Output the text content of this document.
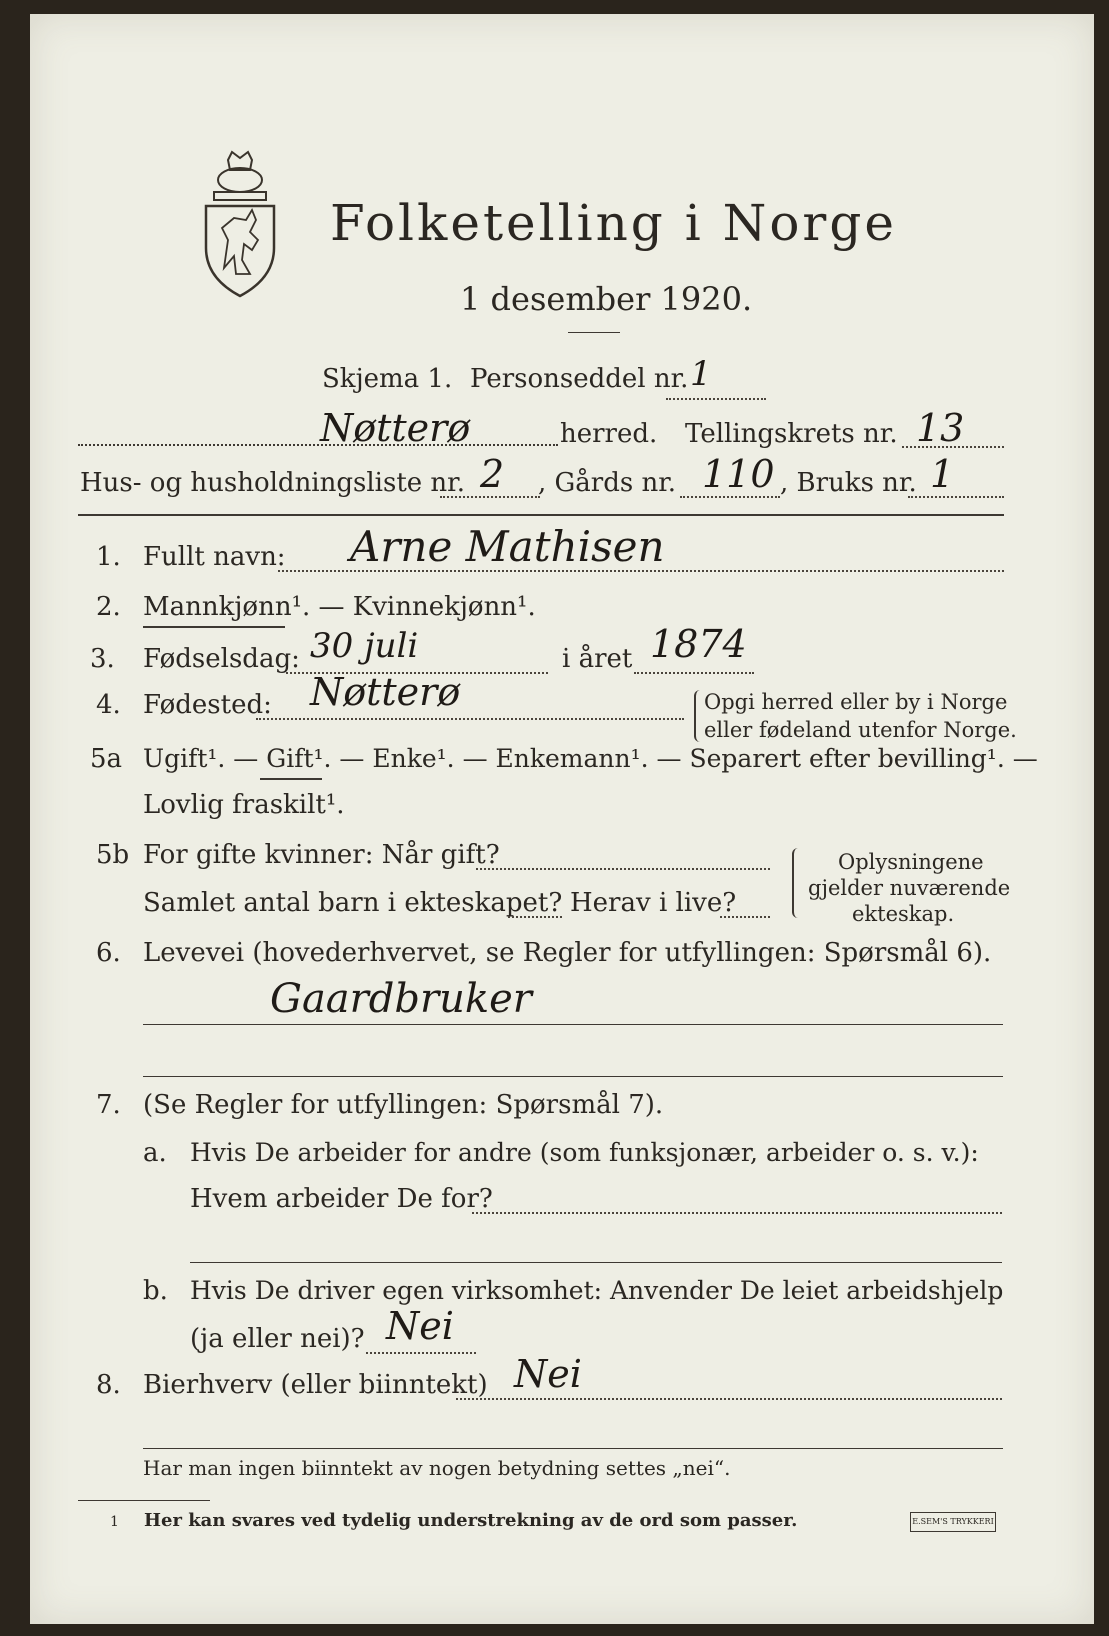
Folketelling i Norge
1 desember 1920.
Skjema 1. Personseddel nr. 1
Nøtterø	herred. Tellingskrets nr. 13
Hus- og husholdningsliste nr. 2 , Gårds nr. 110 , Bruks nr. 1
1. Fullt navn: Arne Mathisen
2. Mannkjønn¹. — Kvinnekjønn¹.
3. Fødselsdag: 30 juli	i året 1874
4. Fødested: Nøtterø	Opgi herred eller by i Norge
eller fødeland utenfor Norge.
5a Ugift¹. — Gift¹. — Enke¹. — Enkemann¹. — Separert efter bevilling¹. —
Lovlig fraskilt¹.
5b For gifte kvinner: Når gift?
Samlet antal barn i ekteskapet? Herav i live?
Oplysningene
gjelder nuværende
ekteskap.
6. Levevei (hovederhvervet, se Regler for utfyllingen: Spørsmål 6).
Gaardbruker
7. (Se Regler for utfyllingen: Spørsmål 7).
a. Hvis De arbeider for andre (som funksjonær, arbeider o. s. v.):
Hvem arbeider De for?
b. Hvis De driver egen virksomhet: Anvender De leiet arbeidshjelp
(ja eller nei)? Nei
8. Bierhverv (eller biinntekt) Nei
Har man ingen biinntekt av nogen betydning settes „nei“.
1 Her kan svares ved tydelig understrekning av de ord som passer.	E.SEM'S TRYKKERI
